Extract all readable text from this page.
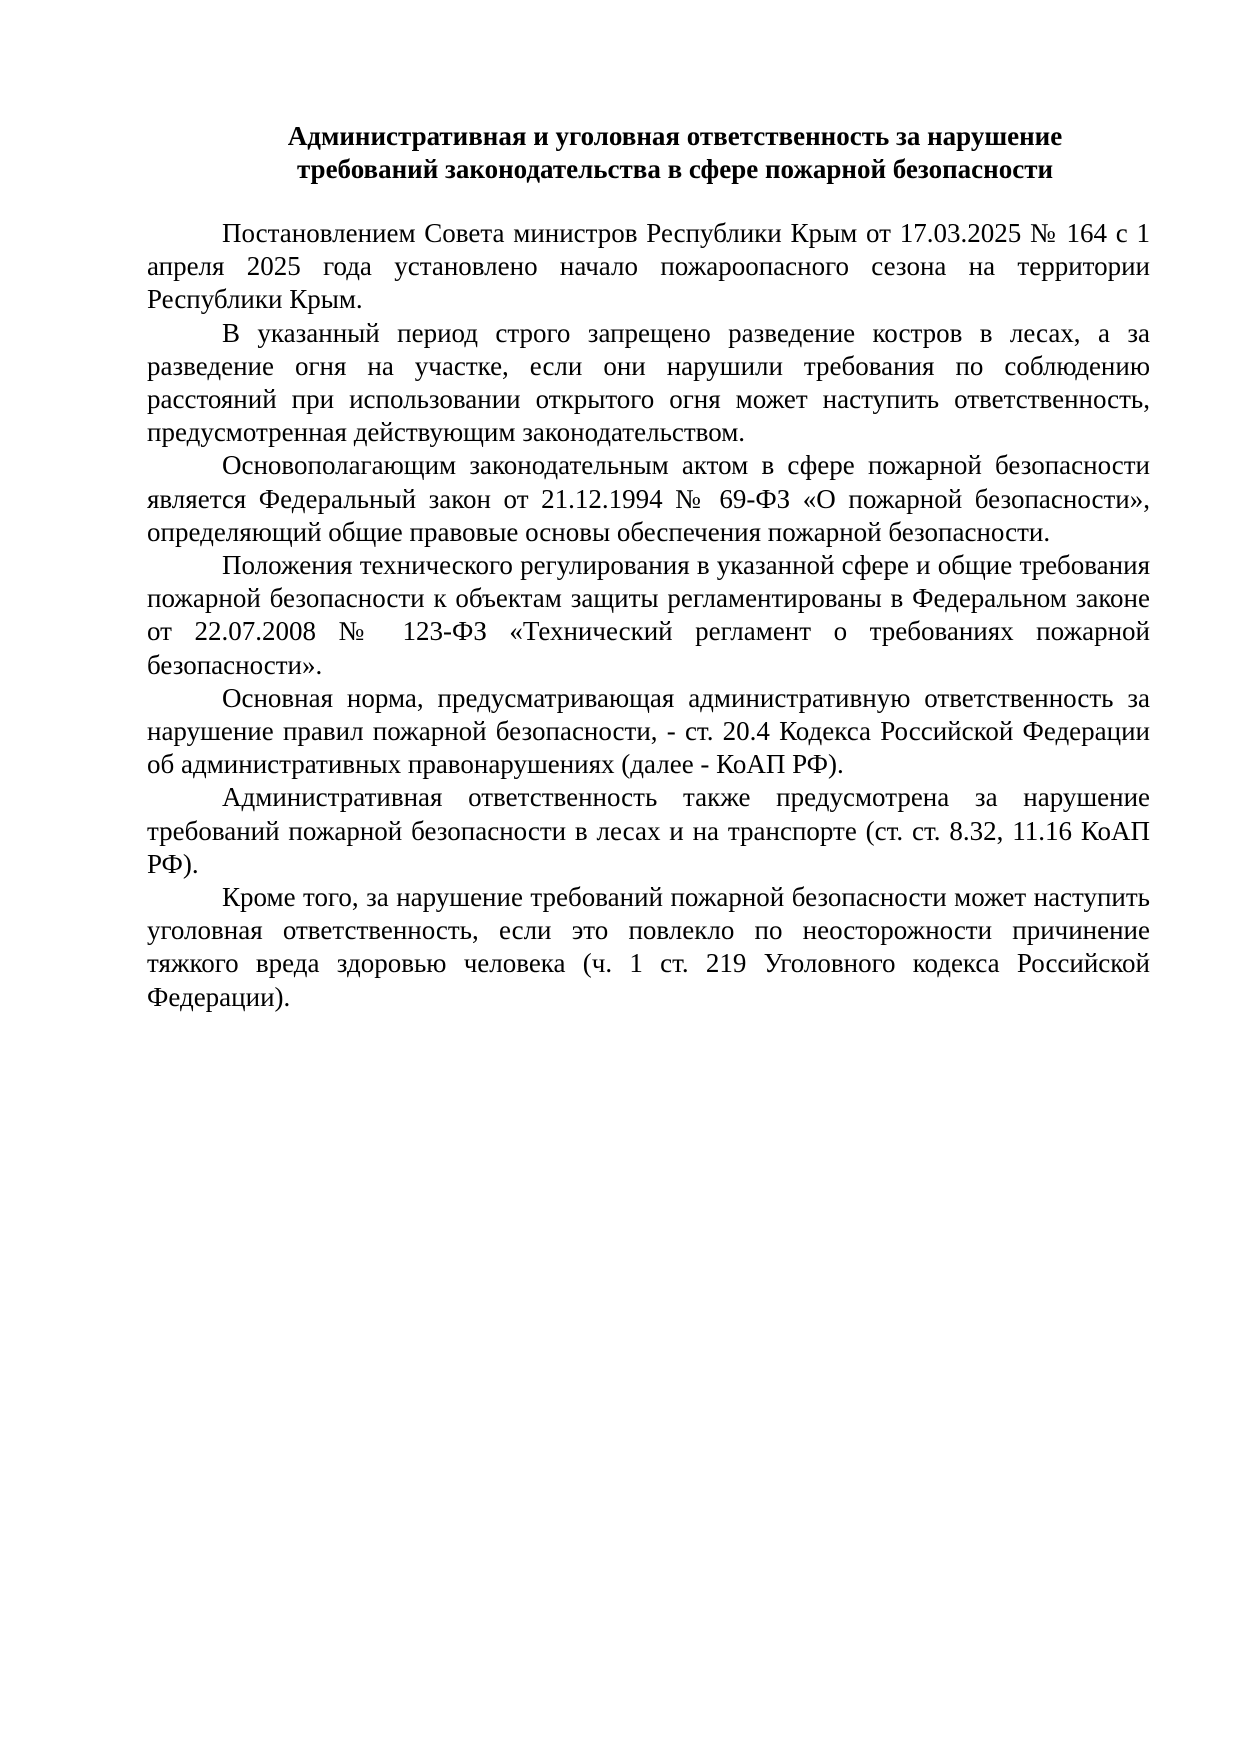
Административная и уголовная ответственность за нарушение
требований законодательства в сфере пожарной безопасности

Постановлением Совета министров Республики Крым от 17.03.2025 № 164 с 1 апреля 2025 года установлено начало пожароопасного сезона на территории Республики Крым.

В указанный период строго запрещено разведение костров в лесах, а за разведение огня на участке, если они нарушили требования по соблюдению расстояний при использовании открытого огня может наступить ответственность, предусмотренная действующим законодательством.

Основополагающим законодательным актом в сфере пожарной безопасности является Федеральный закон от 21.12.1994 № 69-ФЗ «О пожарной безопасности», определяющий общие правовые основы обеспечения пожарной безопасности.

Положения технического регулирования в указанной сфере и общие требования пожарной безопасности к объектам защиты регламентированы в Федеральном законе от 22.07.2008 № 123-ФЗ «Технический регламент о требованиях пожарной безопасности».

Основная норма, предусматривающая административную ответственность за нарушение правил пожарной безопасности, - ст. 20.4 Кодекса Российской Федерации об административных правонарушениях (далее - КоАП РФ).

Административная ответственность также предусмотрена за нарушение требований пожарной безопасности в лесах и на транспорте (ст. ст. 8.32, 11.16 КоАП РФ).

Кроме того, за нарушение требований пожарной безопасности может наступить уголовная ответственность, если это повлекло по неосторожности причинение тяжкого вреда здоровью человека (ч. 1 ст. 219 Уголовного кодекса Российской Федерации).
